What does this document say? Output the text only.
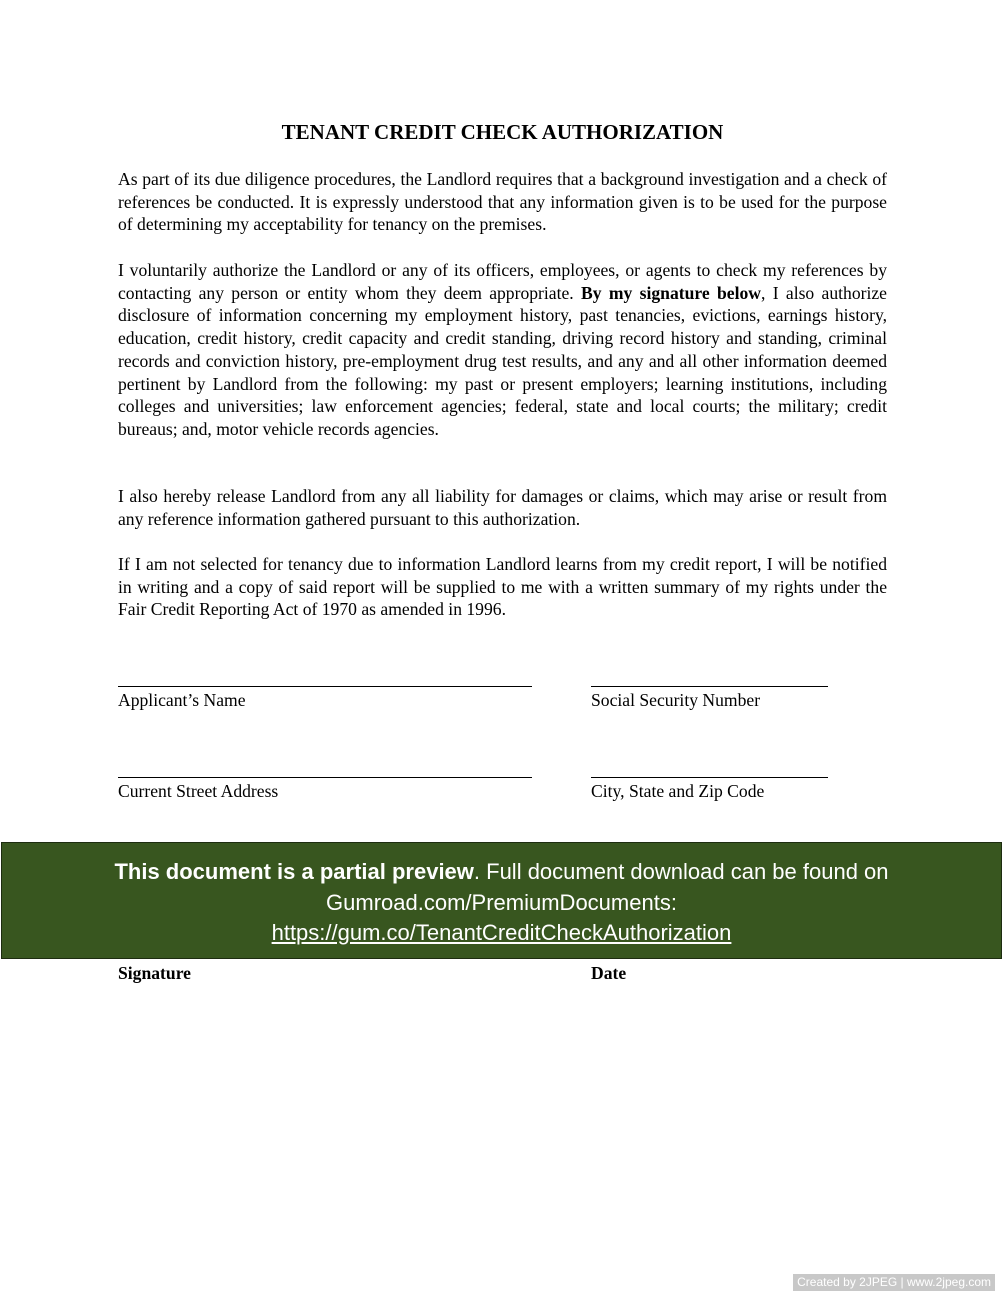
TENANT CREDIT CHECK AUTHORIZATION

As part of its due diligence procedures, the Landlord requires that a background investigation and a check of references be conducted. It is expressly understood that any information given is to be used for the purpose of determining my acceptability for tenancy on the premises.

I voluntarily authorize the Landlord or any of its officers, employees, or agents to check my references by contacting any person or entity whom they deem appropriate. By my signature below, I also authorize disclosure of information concerning my employment history, past tenancies, evictions, earnings history, education, credit history, credit capacity and credit standing, driving record history and standing, criminal records and conviction history, pre-employment drug test results, and any and all other information deemed pertinent by Landlord from the following: my past or present employers; learning institutions, including colleges and universities; law enforcement agencies; federal, state and local courts; the military; credit bureaus; and, motor vehicle records agencies.

I also hereby release Landlord from any all liability for damages or claims, which may arise or result from any reference information gathered pursuant to this authorization.

If I am not selected for tenancy due to information Landlord learns from my credit report, I will be notified in writing and a copy of said report will be supplied to me with a written summary of my rights under the Fair Credit Reporting Act of 1970 as amended in 1996.

Applicant’s Name	Social Security Number
Current Street Address	City, State and Zip Code
Signature	Date
This document is a partial preview. Full document download can be found on Gumroad.com/PremiumDocuments:
https://gum.co/TenantCreditCheckAuthorization
Created by 2JPEG | www.2jpeg.com
